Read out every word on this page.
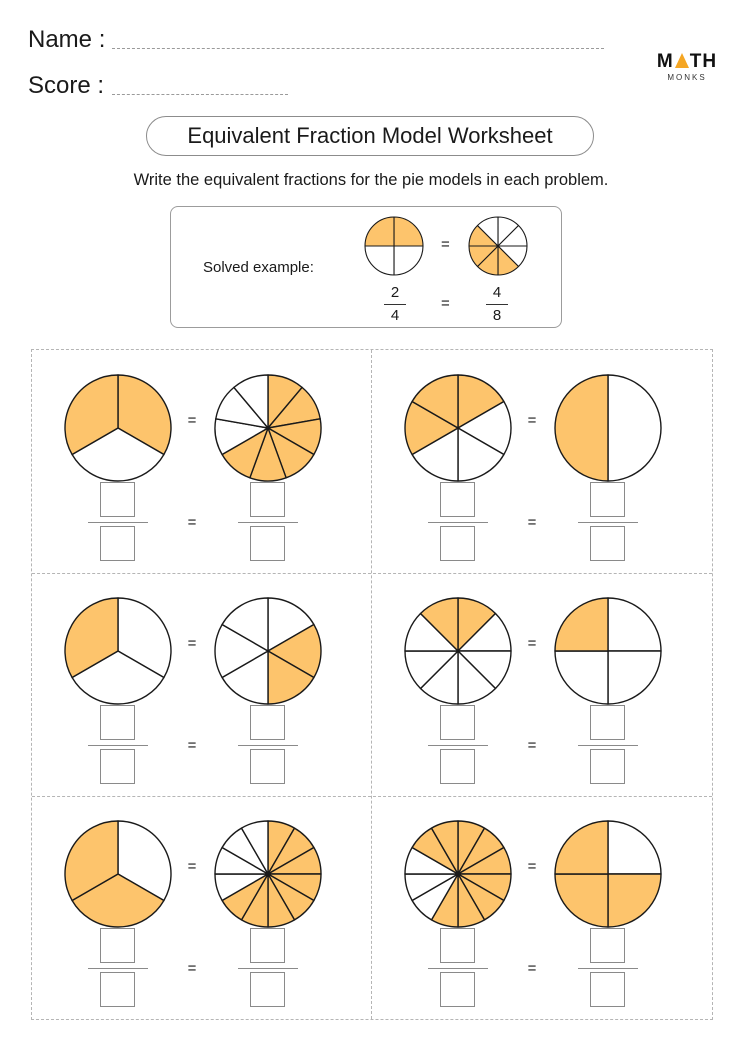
Name :
Score :
M TH
MONKS
Equivalent Fraction Model Worksheet
Write the equivalent fractions for the pie models in each problem.
Solved example:
=
2
4
=
4
8
=
=
=
=
=
=
=
=
=
=
=
=
